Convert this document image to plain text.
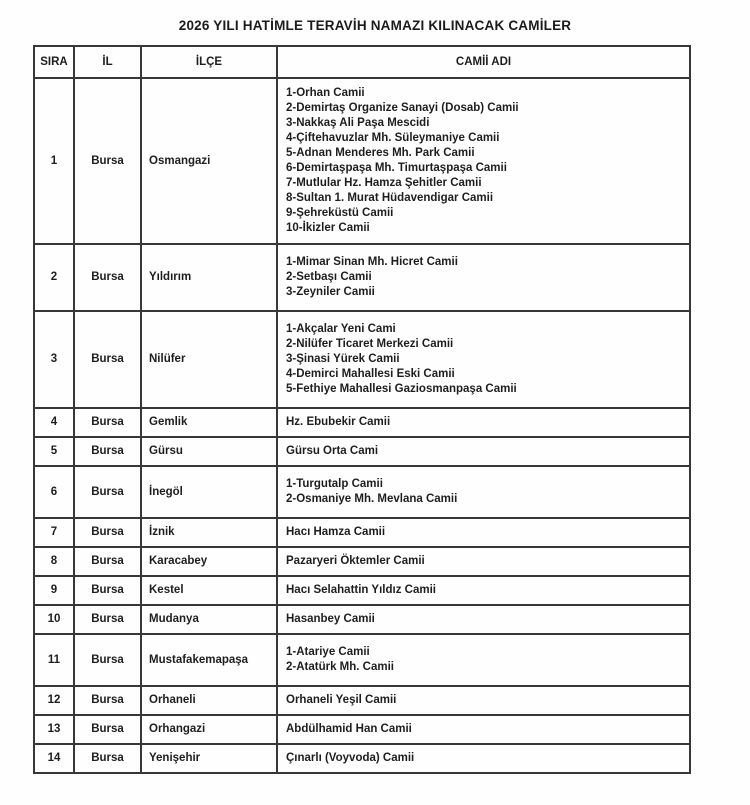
2026 YILI HATİMLE TERAVİH NAMAZI KILINACAK CAMİLER
SIRA	İL	İLÇE	CAMİİ ADI
1	Bursa	Osmangazi	
1-Orhan Camii
2-Demirtaş Organize Sanayi (Dosab) Camii
3-Nakkaş Ali Paşa Mescidi
4-Çiftehavuzlar Mh. Süleymaniye Camii
5-Adnan Menderes Mh. Park Camii
6-Demirtaşpaşa Mh. Timurtaşpaşa Camii
7-Mutlular Hz. Hamza Şehitler Camii
8-Sultan 1. Murat Hüdavendigar Camii
9-Şehreküstü Camii
10-İkizler Camii

2	Bursa	Yıldırım	1-Mimar Sinan Mh. Hicret Camii
2-Setbaşı Camii
3-Zeyniler Camii

3	Bursa	Nilüfer	1-Akçalar Yeni Cami
2-Nilüfer Ticaret Merkezi Camii
3-Şinasi Yürek Camii
4-Demirci Mahallesi Eski Camii
5-Fethiye Mahallesi Gaziosmanpaşa Camii

4	Bursa	Gemlik	Hz. Ebubekir Camii

5	Bursa	Gürsu	Gürsu Orta Cami

6	Bursa	İnegöl	1-Turgutalp Camii
2-Osmaniye Mh. Mevlana Camii

7	Bursa	İznik	Hacı Hamza Camii

8	Bursa	Karacabey	Pazaryeri Öktemler Camii

9	Bursa	Kestel	Hacı Selahattin Yıldız Camii

10	Bursa	Mudanya	Hasanbey Camii

11	Bursa	Mustafakemapaşa	1-Atariye Camii
2-Atatürk Mh. Camii

12	Bursa	Orhaneli	Orhaneli Yeşil Camii

13	Bursa	Orhangazi	Abdülhamid Han Camii

14	Bursa	Yenişehir	Çınarlı (Voyvoda) Camii
